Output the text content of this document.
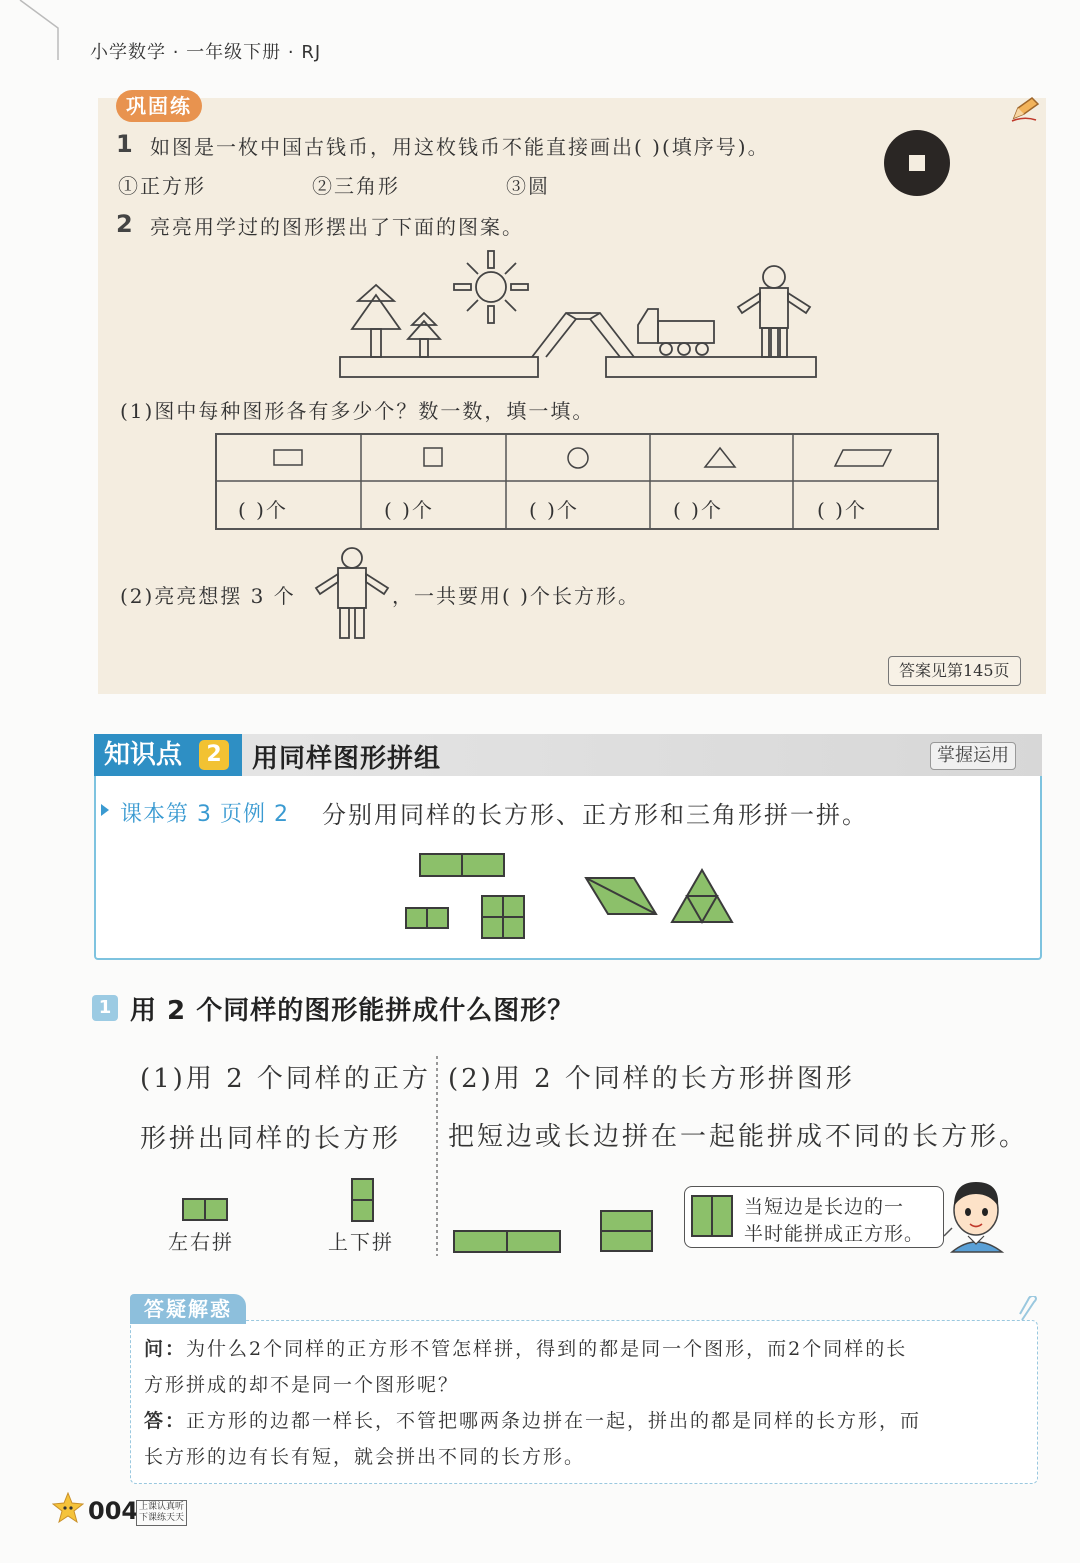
小学数学 · 一年级下册 · RJ
巩固练
1 如图是一枚中国古钱币，用这枚钱币不能直接画出( )(填序号)。
①正方形	②三角形	③圆
2 亮亮用学过的图形摆出了下面的图案。
(1)图中每种图形各有多少个？数一数，填一填。
( )个	( )个	( )个	( )个	( )个
(2)亮亮想摆 3 个	，一共要用( )个长方形。
答案见第145页
知识点	2 用同样图形拼组	掌握运用
课本第 3 页例 2 分别用同样的长方形、正方形和三角形拼一拼。
1 用 2 个同样的图形能拼成什么图形？
(1)用 2 个同样的正方
形拼出同样的长方形
(2)用 2 个同样的长方形拼图形
把短边或长边拼在一起能拼成不同的长方形。
左右拼	上下拼
当短边是长边的一
半时能拼成正方形。
答疑解惑
问：为什么2个同样的正方形不管怎样拼，得到的都是同一个图形，而2个同样的长
方形拼成的却不是同一个图形呢？
答：正方形的边都一样长，不管把哪两条边拼在一起，拼出的都是同样的长方形，而
长方形的边有长有短，就会拼出不同的长方形。
004 上课认真听
下课练天天
